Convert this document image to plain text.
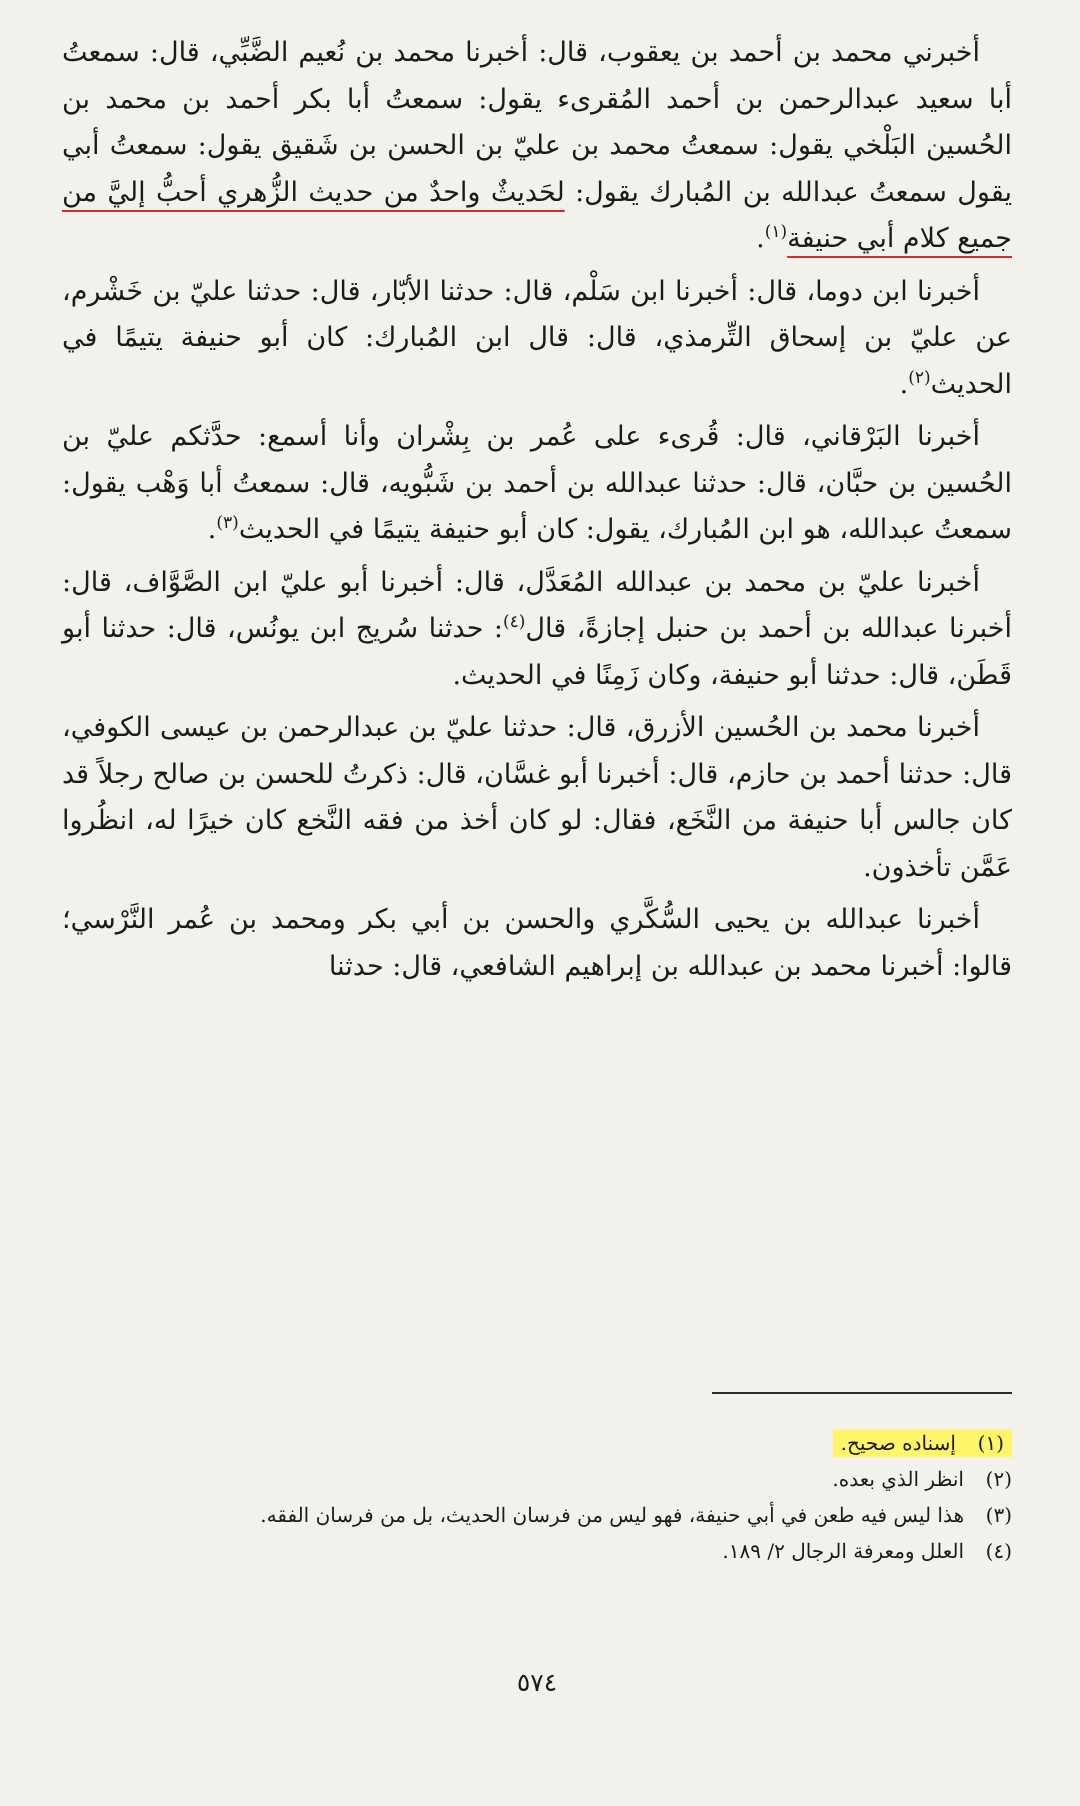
أخبرني محمد بن أحمد بن يعقوب، قال: أخبرنا محمد بن نُعيم الضَّبِّي، قال: سمعتُ أبا سعيد عبدالرحمن بن أحمد المُقرىء يقول: سمعتُ أبا بكر أحمد بن محمد بن الحُسين البَلْخي يقول: سمعتُ محمد بن عليّ بن الحسن بن شَقيق يقول: سمعتُ أبي يقول سمعتُ عبدالله بن المُبارك يقول: لحَديثٌ واحدٌ من حديث الزُّهري أحبُّ إليَّ من جميع كلام أبي حنيفة$^{(١)}$.

أخبرنا ابن دوما، قال: أخبرنا ابن سَلْم، قال: حدثنا الأبّار، قال: حدثنا عليّ بن خَشْرم، عن عليّ بن إسحاق التِّرمذي، قال: قال ابن المُبارك: كان أبو حنيفة يتيمًا في الحديث$^{(٢)}$.

أخبرنا البَرْقاني، قال: قُرىء على عُمر بن بِشْران وأنا أسمع: حدَّثكم عليّ بن الحُسين بن حبَّان، قال: حدثنا عبدالله بن أحمد بن شَبُّويه، قال: سمعتُ أبا وَهْب يقول: سمعتُ عبدالله، هو ابن المُبارك، يقول: كان أبو حنيفة يتيمًا في الحديث$^{(٣)}$.

أخبرنا عليّ بن محمد بن عبدالله المُعَدَّل، قال: أخبرنا أبو عليّ ابن الصَّوَّاف، قال: أخبرنا عبدالله بن أحمد بن حنبل إجازةً، قال$^{(٤)}$: حدثنا سُريج ابن يونُس، قال: حدثنا أبو قَطَن، قال: حدثنا أبو حنيفة، وكان زَمِنًا في الحديث.

أخبرنا محمد بن الحُسين الأزرق، قال: حدثنا عليّ بن عبدالرحمن بن عيسى الكوفي، قال: حدثنا أحمد بن حازم، قال: أخبرنا أبو غسَّان، قال: ذكرتُ للحسن بن صالح رجلاً قد كان جالس أبا حنيفة من النَّخَع، فقال: لو كان أخذ من فقه النَّخع كان خيرًا له، انظُروا عَمَّن تأخذون.

أخبرنا عبدالله بن يحيى السُّكَّري والحسن بن أبي بكر ومحمد بن عُمر النَّرْسي؛ قالوا: أخبرنا محمد بن عبدالله بن إبراهيم الشافعي، قال: حدثنا

(١)إسناده صحيح.

(٢)انظر الذي بعده.

(٣)هذا ليس فيه طعن في أبي حنيفة، فهو ليس من فرسان الحديث، بل من فرسان الفقه.

(٤)العلل ومعرفة الرجال ٢/ ١٨٩.

٥٧٤
